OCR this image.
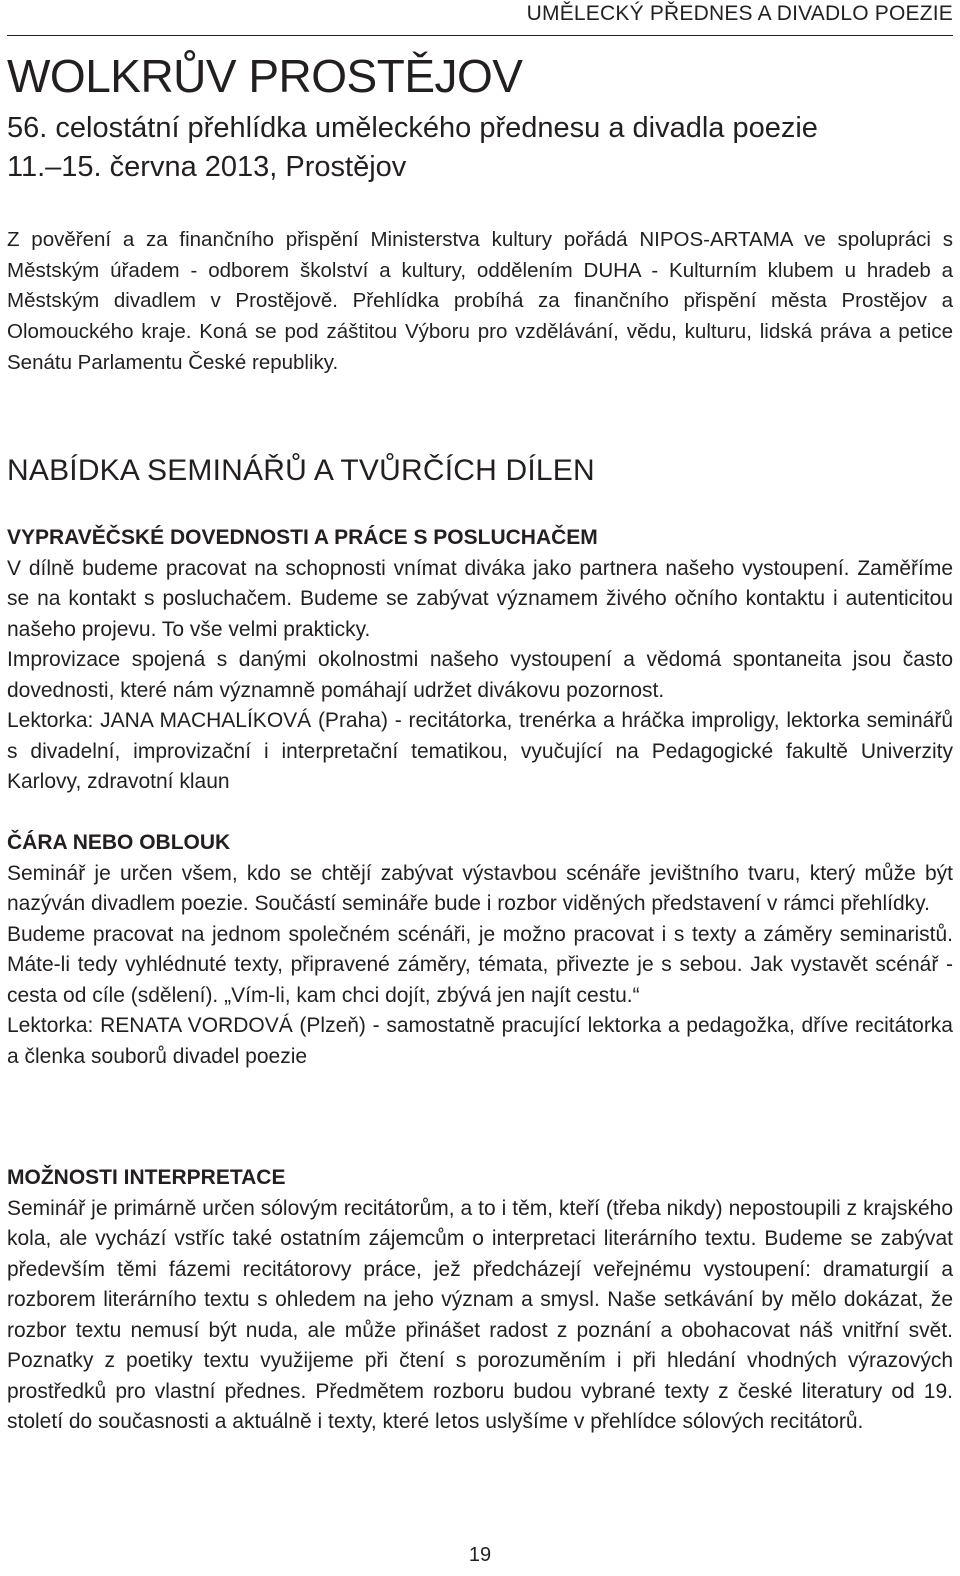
UMĚLECKÝ PŘEDNES A DIVADLO POEZIE
WOLKRŮV PROSTĚJOV
56. celostátní přehlídka uměleckého přednesu a divadla poezie
11.–15. června 2013, Prostějov

Z pověření a za finančního přispění Ministerstva kultury pořádá NIPOS-ARTAMA ve spolupráci s Městským úřadem - odborem školství a kultury, oddělením DUHA - Kulturním klubem u hradeb a Městským divadlem v Prostějově. Přehlídka probíhá za finančního přispění města Prostějov a Olomouckého kraje. Koná se pod záštitou Výboru pro vzdělávání, vědu, kulturu, lidská práva a petice Senátu Parlamentu České republiky.

NABÍDKA SEMINÁŘŮ A TVŮRČÍCH DÍLEN
VYPRAVĚČSKÉ DOVEDNOSTI A PRÁCE S POSLUCHAČEM

V dílně budeme pracovat na schopnosti vnímat diváka jako partnera našeho vystoupení. Zaměříme se na kontakt s posluchačem. Budeme se zabývat významem živého očního kontaktu i autenticitou našeho projevu. To vše velmi prakticky.

Improvizace spojená s danými okolnostmi našeho vystoupení a vědomá spontaneita jsou často dovednosti, které nám významně pomáhají udržet divákovu pozornost.

Lektorka: JANA MACHALÍKOVÁ (Praha) - recitátorka, trenérka a hráčka improligy, lektorka seminářů s divadelní, improvizační i interpretační tematikou, vyučující na Pedagogické fakultě Univerzity Karlovy, zdravotní klaun

ČÁRA NEBO OBLOUK

Seminář je určen všem, kdo se chtějí zabývat výstavbou scénáře jevištního tvaru, který může být nazýván divadlem poezie. Součástí semináře bude i rozbor viděných představení v rámci přehlídky.

Budeme pracovat na jednom společném scénáři, je možno pracovat i s texty a záměry seminaristů. Máte-li tedy vyhlédnuté texty, připravené záměry, témata, přivezte je s sebou. Jak vystavět scénář - cesta od cíle (sdělení). „Vím-li, kam chci dojít, zbývá jen najít cestu.“

Lektorka: RENATA VORDOVÁ (Plzeň) - samostatně pracující lektorka a pedagožka, dříve recitátorka a členka souborů divadel poezie

MOŽNOSTI INTERPRETACE

Seminář je primárně určen sólovým recitátorům, a to i těm, kteří (třeba nikdy) nepostoupili z krajského kola, ale vychází vstříc také ostatním zájemcům o interpretaci literárního textu. Budeme se zabývat především těmi fázemi recitátorovy práce, jež předcházejí veřejnému vystoupení: dramaturgií a rozborem literárního textu s ohledem na jeho význam a smysl. Naše setkávání by mělo dokázat, že rozbor textu nemusí být nuda, ale může přinášet radost z poznání a obohacovat náš vnitřní svět. Poznatky z poetiky textu využijeme při čtení s porozuměním i při hledání vhodných výrazových prostředků pro vlastní přednes. Předmětem rozboru budou vybrané texty z české literatury od 19. století do současnosti a aktuálně i texty, které letos uslyšíme v přehlídce sólových recitátorů.

19
